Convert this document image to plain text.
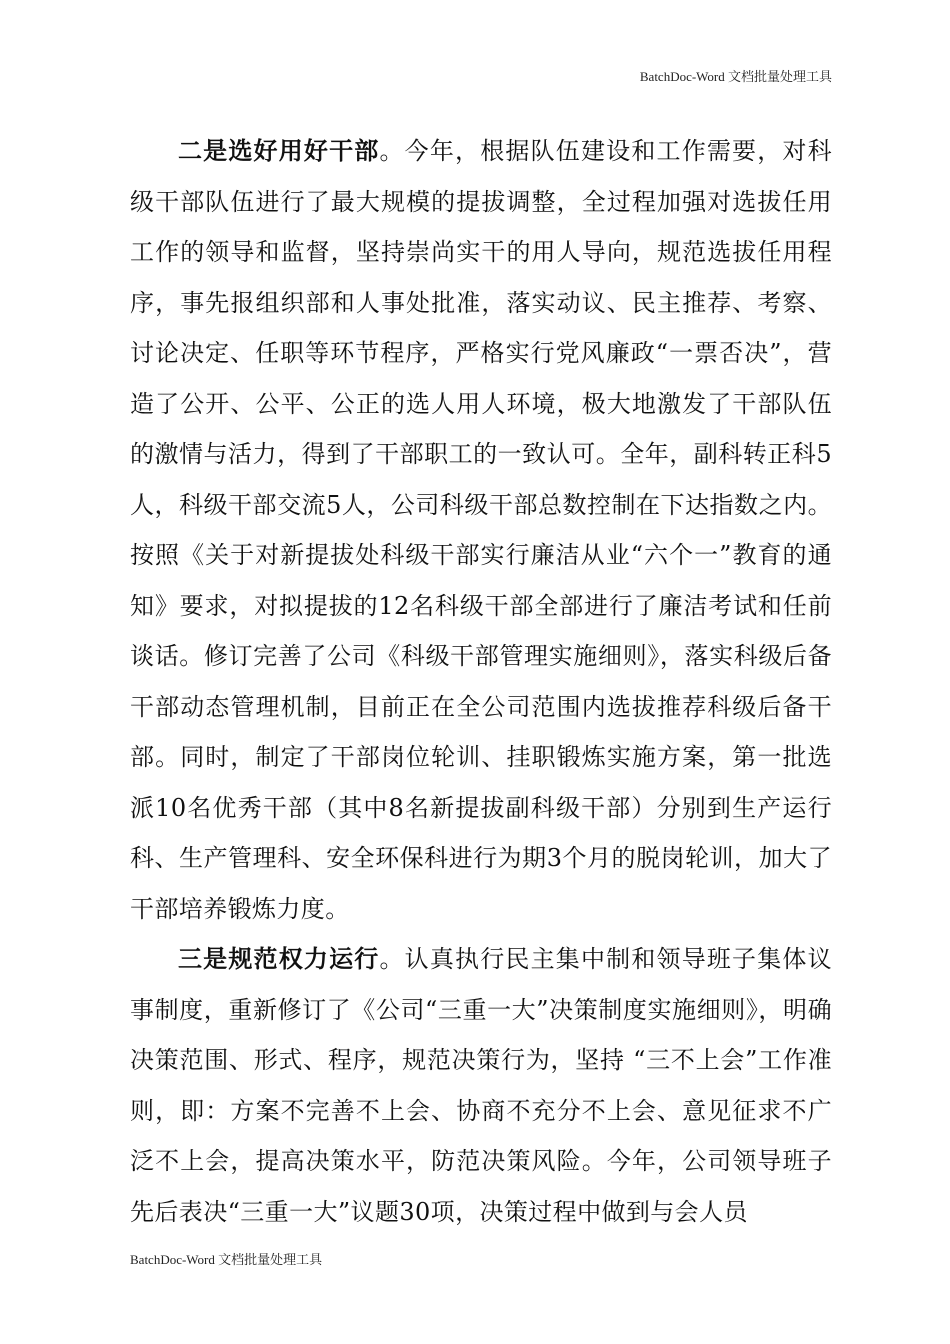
BatchDoc-Word 文档批量处理工具

二是选好用好干部。今年，根据队伍建设和工作需要，对科级干部队伍进行了最大规模的提拔调整，全过程加强对选拔任用工作的领导和监督，坚持崇尚实干的用人导向，规范选拔任用程序，事先报组织部和人事处批准，落实动议、民主推荐、考察、讨论决定、任职等环节程序，严格实行党风廉政“一票否决”，营造了公开、公平、公正的选人用人环境，极大地激发了干部队伍的激情与活力，得到了干部职工的一致认可。全年，副科转正科5人，科级干部交流5人，公司科级干部总数控制在下达指数之内。按照《关于对新提拔处科级干部实行廉洁从业“六个一”教育的通知》要求，对拟提拔的12名科级干部全部进行了廉洁考试和任前谈话。修订完善了公司《科级干部管理实施细则》，落实科级后备干部动态管理机制，目前正在全公司范围内选拔推荐科级后备干部。同时，制定了干部岗位轮训、挂职锻炼实施方案，第一批选派10名优秀干部（其中8名新提拔副科级干部）分别到生产运行科、生产管理科、安全环保科进行为期3个月的脱岗轮训，加大了干部培养锻炼力度。

三是规范权力运行。认真执行民主集中制和领导班子集体议事制度，重新修订了《公司“三重一大”决策制度实施细则》，明确决策范围、形式、程序，规范决策行为，坚持 “三不上会”工作准则，即：方案不完善不上会、协商不充分不上会、意见征求不广泛不上会，提高决策水平，防范决策风险。今年，公司领导班子先后表决“三重一大”议题30项，决策过程中做到与会人员

BatchDoc-Word 文档批量处理工具
